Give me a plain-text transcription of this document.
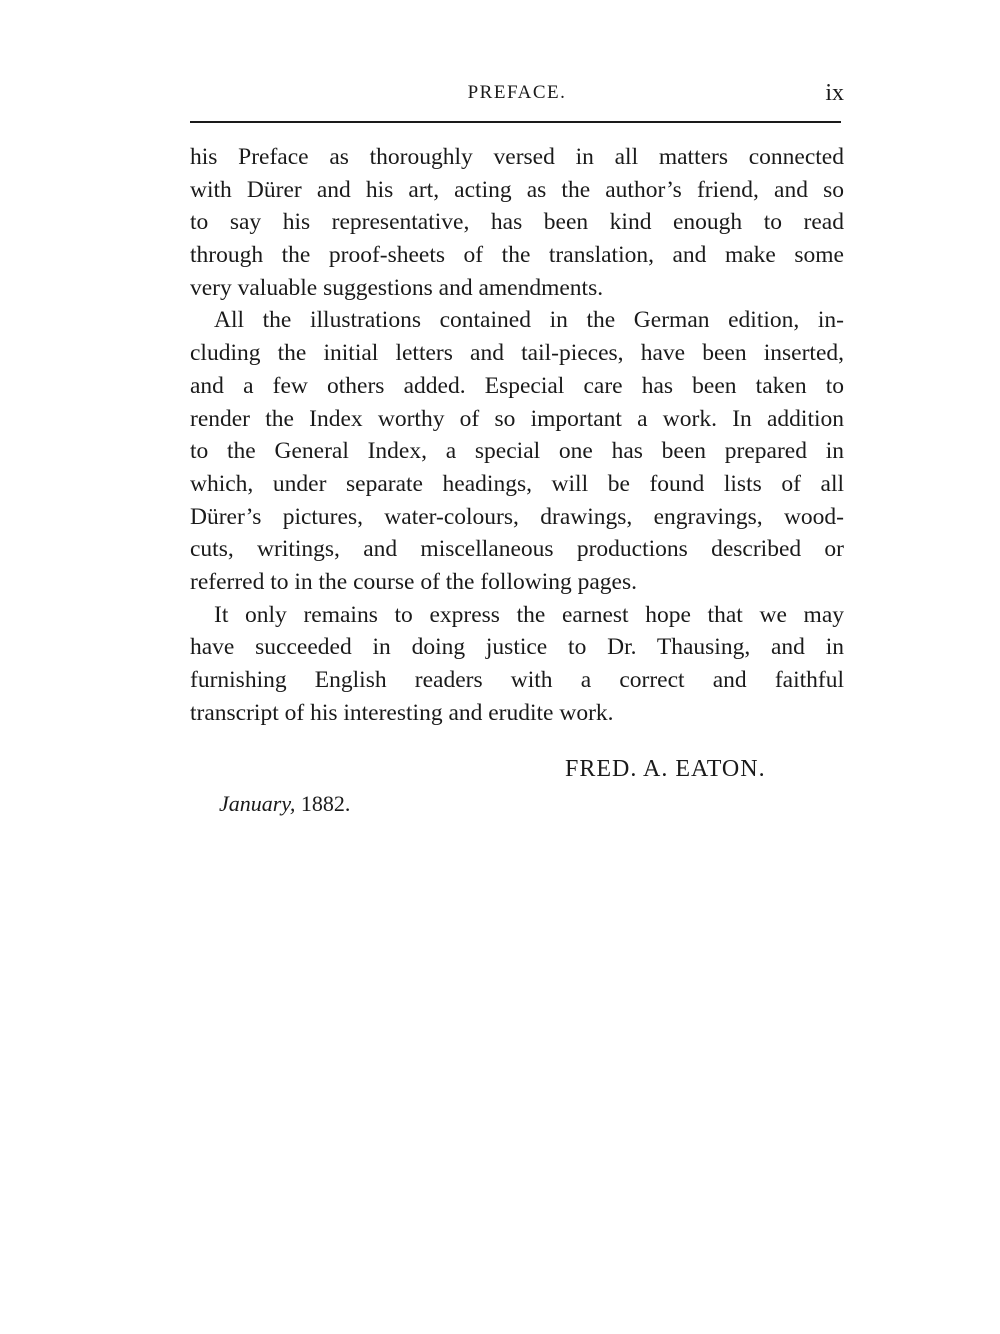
PREFACE.	ix
his Preface as thoroughly versed in all matters connected
with Dürer and his art, acting as the author’s friend, and so
to say his representative, has been kind enough to read
through the proof-sheets of the translation, and make some
very valuable suggestions and amendments.
All the illustrations contained in the German edition, in-
cluding the initial letters and tail-pieces, have been inserted,
and a few others added. Especial care has been taken to
render the Index worthy of so important a work. In addition
to the General Index, a special one has been prepared in
which, under separate headings, will be found lists of all
Dürer’s pictures, water-colours, drawings, engravings, wood-
cuts, writings, and miscellaneous productions described or
referred to in the course of the following pages.
It only remains to express the earnest hope that we may
have succeeded in doing justice to Dr. Thausing, and in
furnishing English readers with a correct and faithful
transcript of his interesting and erudite work.
FRED. A. EATON.
January, 1882.
